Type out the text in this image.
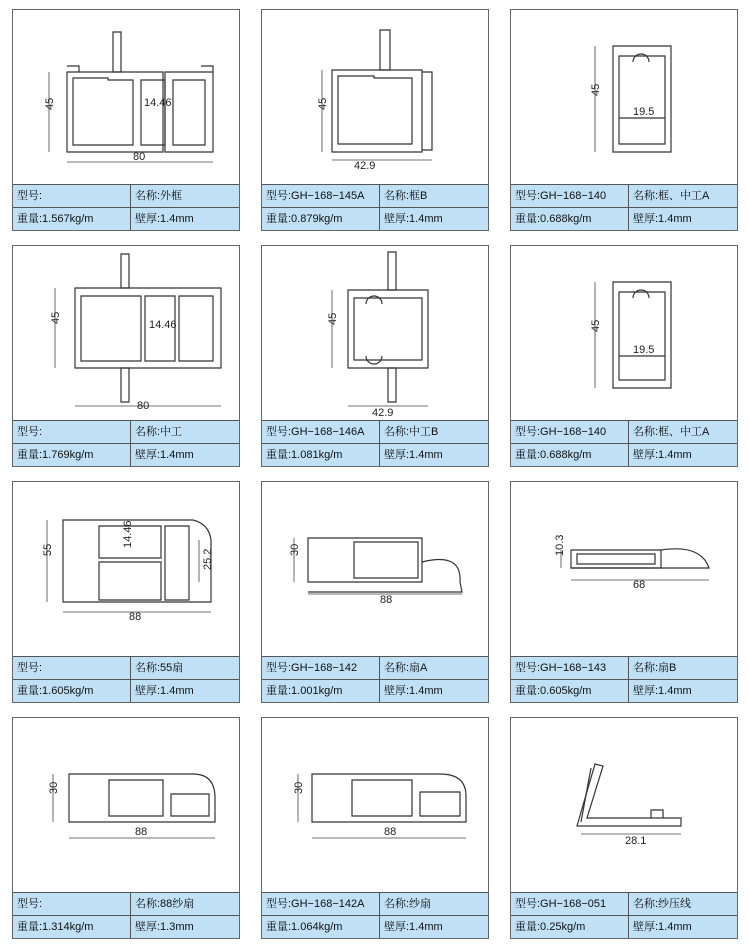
45
80
14.46
型号:	名称:外框
重量:1.567kg/m	壁厚:1.4mm
45
42.9
型号:GH−168−145A	名称:框B
重量:0.879kg/m	壁厚:1.4mm
45
19.5
型号:GH−168−140	名称:框、中工A
重量:0.688kg/m	壁厚:1.4mm
45
80
14.46
型号:	名称:中工
重量:1.769kg/m	壁厚:1.4mm
45
42.9
型号:GH−168−146A	名称:中工B
重量:1.081kg/m	壁厚:1.4mm
45
19.5
型号:GH−168−140	名称:框、中工A
重量:0.688kg/m	壁厚:1.4mm
55
88
25.2
14.46
型号:	名称:55扇
重量:1.605kg/m	壁厚:1.4mm
30
88
型号:GH−168−142	名称:扇A
重量:1.001kg/m	壁厚:1.4mm
10.3
68
型号:GH−168−143	名称:扇B
重量:0.605kg/m	壁厚:1.4mm
30
88
型号:	名称:88纱扇
重量:1.314kg/m	壁厚:1.3mm
30
88
型号:GH−168−142A	名称:纱扇
重量:1.064kg/m	壁厚:1.4mm
28.1
型号:GH−168−051	名称:纱压线
重量:0.25kg/m	壁厚:1.4mm
